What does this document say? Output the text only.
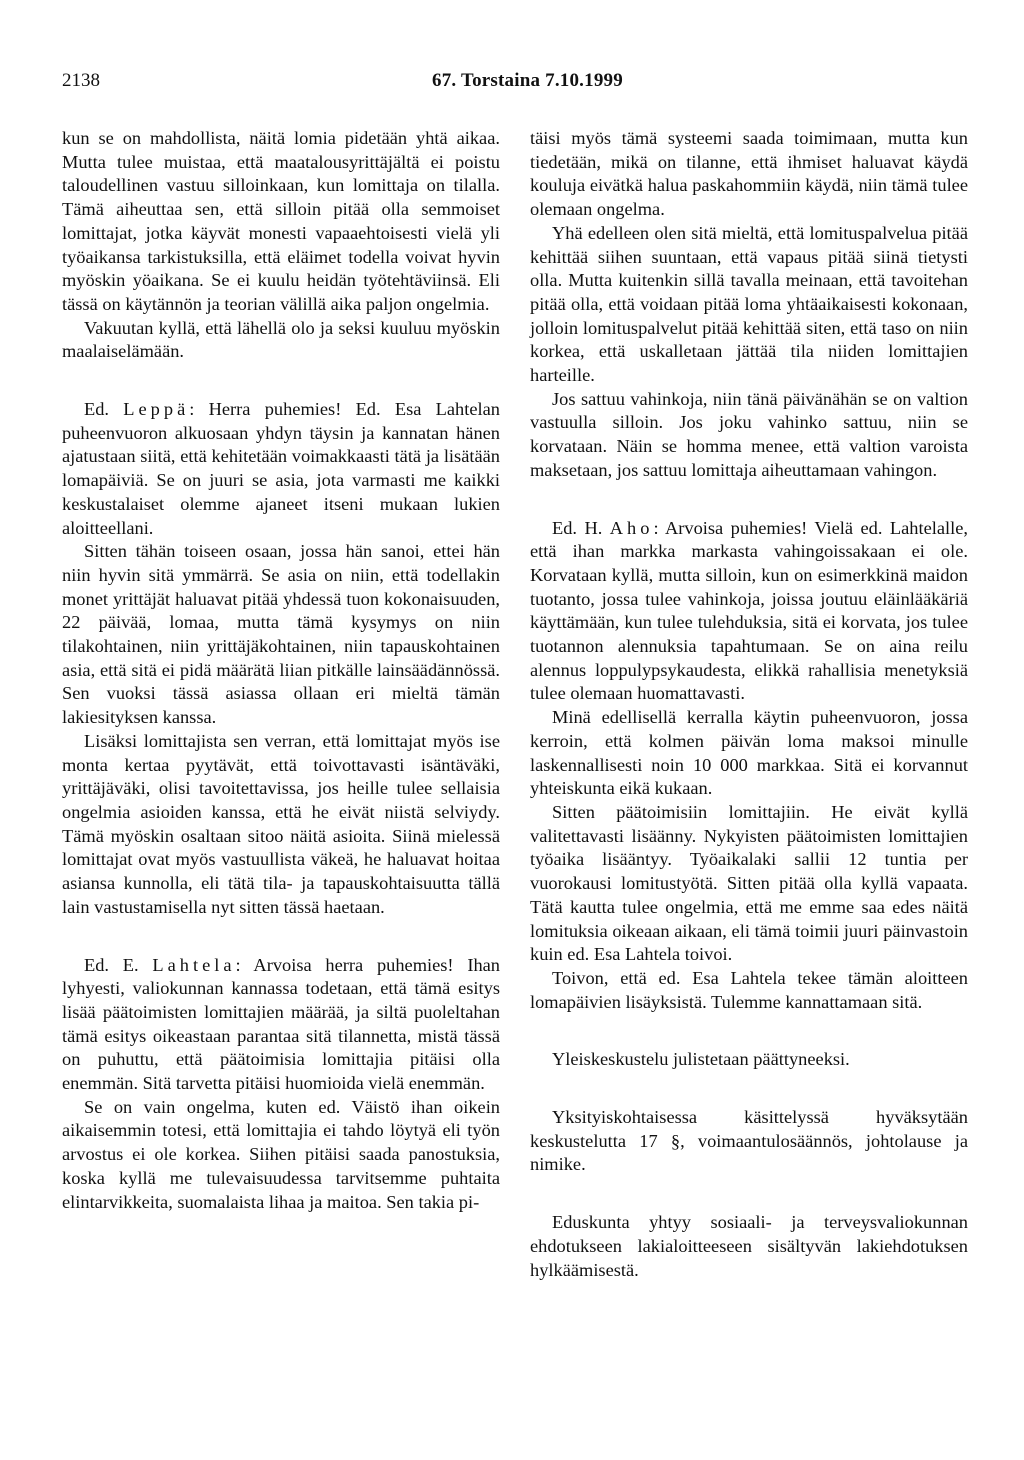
2138	67. Torstaina 7.10.1999

kun se on mahdollista, näitä lomia pidetään yhtä aikaa. Mutta tulee muistaa, että maatalousyrittäjältä ei poistu taloudellinen vastuu silloinkaan, kun lomittaja on tilalla. Tämä aiheuttaa sen, että silloin pitää olla semmoiset lomittajat, jotka käyvät monesti vapaaehtoisesti vielä yli työaikansa tarkistuksilla, että eläimet todella voivat hyvin myöskin yöaikana. Se ei kuulu heidän työtehtäviinsä. Eli tässä on käytännön ja teorian välillä aika paljon ongelmia.

Vakuutan kyllä, että lähellä olo ja seksi kuuluu myöskin maalaiselämään.

Ed. Leppä: Herra puhemies! Ed. Esa Lahtelan puheenvuoron alkuosaan yhdyn täysin ja kannatan hänen ajatustaan siitä, että kehitetään voimakkaasti tätä ja lisätään lomapäiviä. Se on juuri se asia, jota varmasti me kaikki keskustalaiset olemme ajaneet itseni mukaan lukien aloitteellani.

Sitten tähän toiseen osaan, jossa hän sanoi, ettei hän niin hyvin sitä ymmärrä. Se asia on niin, että todellakin monet yrittäjät haluavat pitää yhdessä tuon kokonaisuuden, 22 päivää, lomaa, mutta tämä kysymys on niin tilakohtainen, niin yrittäjäkohtainen, niin tapauskohtainen asia, että sitä ei pidä määrätä liian pitkälle lainsäädännössä. Sen vuoksi tässä asiassa ollaan eri mieltä tämän lakiesityksen kanssa.

Lisäksi lomittajista sen verran, että lomittajat myös ise monta kertaa pyytävät, että toivottavasti isäntäväki, yrittäjäväki, olisi tavoitettavissa, jos heille tulee sellaisia ongelmia asioiden kanssa, että he eivät niistä selviydy. Tämä myöskin osaltaan sitoo näitä asioita. Siinä mielessä lomittajat ovat myös vastuullista väkeä, he haluavat hoitaa asiansa kunnolla, eli tätä tila- ja tapauskohtaisuutta tällä lain vastustamisella nyt sitten tässä haetaan.

Ed. E. Lahtela: Arvoisa herra puhemies! Ihan lyhyesti, valiokunnan kannassa todetaan, että tämä esitys lisää päätoimisten lomittajien määrää, ja siltä puoleltahan tämä esitys oikeastaan parantaa sitä tilannetta, mistä tässä on puhuttu, että päätoimisia lomittajia pitäisi olla enemmän. Sitä tarvetta pitäisi huomioida vielä enemmän.

Se on vain ongelma, kuten ed. Väistö ihan oikein aikaisemmin totesi, että lomittajia ei tahdo löytyä eli työn arvostus ei ole korkea. Siihen pitäisi saada panostuksia, koska kyllä me tulevaisuudessa tarvitsemme puhtaita elintarvikkeita, suomalaista lihaa ja maitoa. Sen takia pi-

täisi myös tämä systeemi saada toimimaan, mutta kun tiedetään, mikä on tilanne, että ihmiset haluavat käydä kouluja eivätkä halua paskahommiin käydä, niin tämä tulee olemaan ongelma.

Yhä edelleen olen sitä mieltä, että lomituspalvelua pitää kehittää siihen suuntaan, että vapaus pitää siinä tietysti olla. Mutta kuitenkin sillä tavalla meinaan, että tavoitehan pitää olla, että voidaan pitää loma yhtäaikaisesti kokonaan, jolloin lomituspalvelut pitää kehittää siten, että taso on niin korkea, että uskalletaan jättää tila niiden lomittajien harteille.

Jos sattuu vahinkoja, niin tänä päivänähän se on valtion vastuulla silloin. Jos joku vahinko sattuu, niin se korvataan. Näin se homma menee, että valtion varoista maksetaan, jos sattuu lomittaja aiheuttamaan vahingon.

Ed. H. Aho: Arvoisa puhemies! Vielä ed. Lahtelalle, että ihan markka markasta vahingoissakaan ei ole. Korvataan kyllä, mutta silloin, kun on esimerkkinä maidon tuotanto, jossa tulee vahinkoja, joissa joutuu eläinlääkäriä käyttämään, kun tulee tulehduksia, sitä ei korvata, jos tulee tuotannon alennuksia tapahtumaan. Se on aina reilu alennus loppulypsykaudesta, elikkä rahallisia menetyksiä tulee olemaan huomattavasti.

Minä edellisellä kerralla käytin puheenvuoron, jossa kerroin, että kolmen päivän loma maksoi minulle laskennallisesti noin 10 000 markkaa. Sitä ei korvannut yhteiskunta eikä kukaan.

Sitten päätoimisiin lomittajiin. He eivät kyllä valitettavasti lisäänny. Nykyisten päätoimisten lomittajien työaika lisääntyy. Työaikalaki sallii 12 tuntia per vuorokausi lomitustyötä. Sitten pitää olla kyllä vapaata. Tätä kautta tulee ongelmia, että me emme saa edes näitä lomituksia oikeaan aikaan, eli tämä toimii juuri päinvastoin kuin ed. Esa Lahtela toivoi.

Toivon, että ed. Esa Lahtela tekee tämän aloitteen lomapäivien lisäyksistä. Tulemme kannattamaan sitä.

Yleiskeskustelu julistetaan päättyneeksi.

Yksityiskohtaisessa käsittelyssä hyväksytään keskustelutta 17 §, voimaantulosäännös, johtolause ja nimike.

Eduskunta yhtyy sosiaali- ja terveysvaliokunnan ehdotukseen lakialoitteeseen sisältyvän lakiehdotuksen hylkäämisestä.
